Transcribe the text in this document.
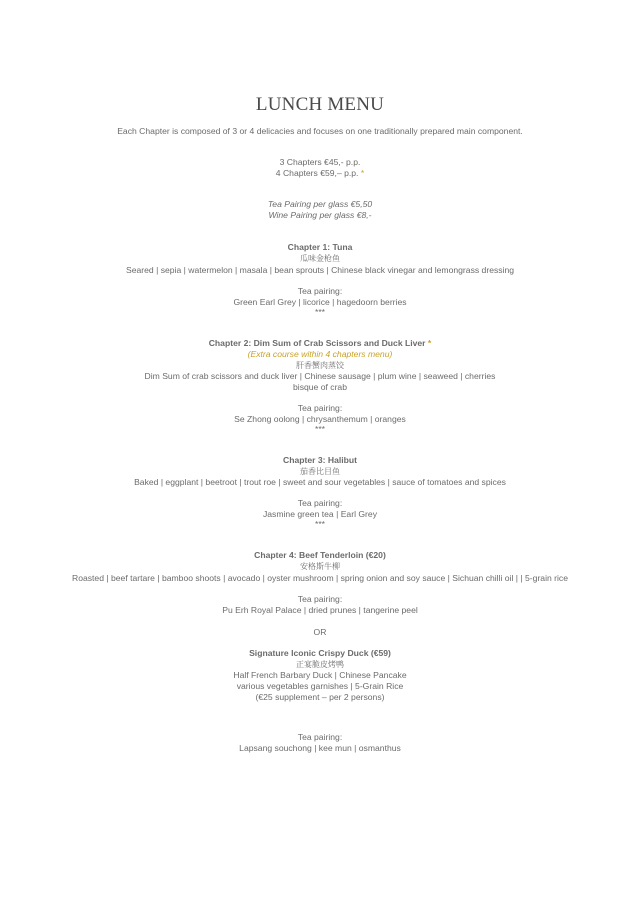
LUNCH MENU
Each Chapter is composed of 3 or 4 delicacies and focuses on one traditionally prepared main component.
3 Chapters €45,- p.p.
4 Chapters €59,– p.p. *
Tea Pairing per glass €5,50
Wine Pairing per glass €8,-
Chapter 1: Tuna
瓜味金枪鱼
Seared | sepia | watermelon | masala | bean sprouts | Chinese black vinegar and lemongrass dressing
Tea pairing:
Green Earl Grey | licorice | hagedoorn berries
***
Chapter 2: Dim Sum of Crab Scissors and Duck Liver *
(Extra course within 4 chapters menu)
肝香蟹肉蒸饺
Dim Sum of crab scissors and duck liver | Chinese sausage | plum wine | seaweed | cherries
bisque of crab
Tea pairing:
Se Zhong oolong | chrysanthemum | oranges
***
Chapter 3: Halibut
茄香比目鱼
Baked | eggplant | beetroot | trout roe | sweet and sour vegetables | sauce of tomatoes and spices
Tea pairing:
Jasmine green tea | Earl Grey
***
Chapter 4: Beef Tenderloin (€20)
安格斯牛柳
Roasted | beef tartare | bamboo shoots | avocado | oyster mushroom | spring onion and soy sauce | Sichuan chilli oil | | 5-grain rice
Tea pairing:
Pu Erh Royal Palace | dried prunes | tangerine peel
OR
Signature Iconic Crispy Duck (€59)
正宴脆皮烤鸭
Half French Barbary Duck | Chinese Pancake
various vegetables garnishes | 5-Grain Rice
(€25 supplement – per 2 persons)
Tea pairing:
Lapsang souchong | kee mun | osmanthus
